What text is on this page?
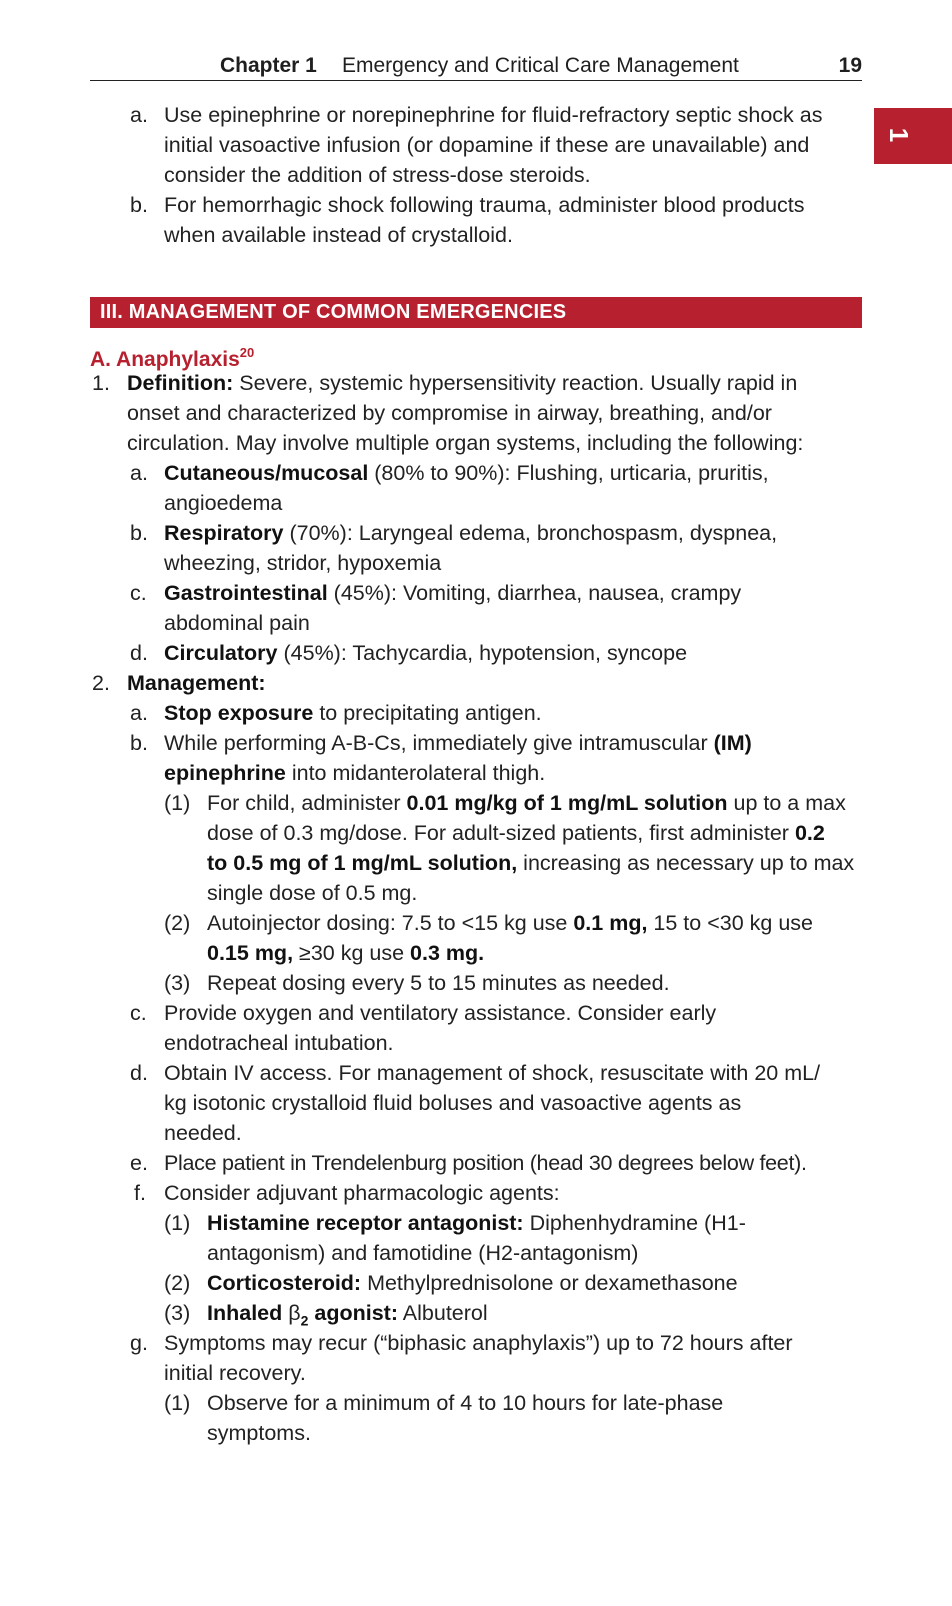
Chapter 1 Emergency and Critical Care Management	19
1
a. Use epinephrine or norepinephrine for fluid-refractory septic shock as
initial vasoactive infusion (or dopamine if these are unavailable) and
consider the addition of stress-dose steroids.
b. For hemorrhagic shock following trauma, administer blood products
when available instead of crystalloid.
III. MANAGEMENT OF COMMON EMERGENCIES
A. Anaphylaxis$^{20}$
1. Definition: Severe, systemic hypersensitivity reaction. Usually rapid in
onset and characterized by compromise in airway, breathing, and/or
circulation. May involve multiple organ systems, including the following:
a. Cutaneous/mucosal (80% to 90%): Flushing, urticaria, pruritis,
angioedema
b. Respiratory (70%): Laryngeal edema, bronchospasm, dyspnea,
wheezing, stridor, hypoxemia
c. Gastrointestinal (45%): Vomiting, diarrhea, nausea, crampy
abdominal pain
d. Circulatory (45%): Tachycardia, hypotension, syncope
2. Management:
a. Stop exposure to precipitating antigen.
b. While performing A-B-Cs, immediately give intramuscular (IM)
epinephrine into midanterolateral thigh.
(1) For child, administer 0.01 mg/kg of 1 mg/mL solution up to a max
dose of 0.3 mg/dose. For adult-sized patients, first administer 0.2
to 0.5 mg of 1 mg/mL solution, increasing as necessary up to max
single dose of 0.5 mg.
(2) Autoinjector dosing: 7.5 to <15 kg use 0.1 mg, 15 to <30 kg use
0.15 mg, ≥30 kg use 0.3 mg.
(3) Repeat dosing every 5 to 15 minutes as needed.
c. Provide oxygen and ventilatory assistance. Consider early
endotracheal intubation.
d. Obtain IV access. For management of shock, resuscitate with 20 mL/
kg isotonic crystalloid fluid boluses and vasoactive agents as
needed.
e. Place patient in Trendelenburg position (head 30 degrees below feet).
f. Consider adjuvant pharmacologic agents:
(1) Histamine receptor antagonist: Diphenhydramine (H1-
antagonism) and famotidine (H2-antagonism)
(2) Corticosteroid: Methylprednisolone or dexamethasone
(3) Inhaled $\beta_2$ agonist: Albuterol
g. Symptoms may recur (“biphasic anaphylaxis”) up to 72 hours after
initial recovery.
(1) Observe for a minimum of 4 to 10 hours for late-phase
symptoms.
